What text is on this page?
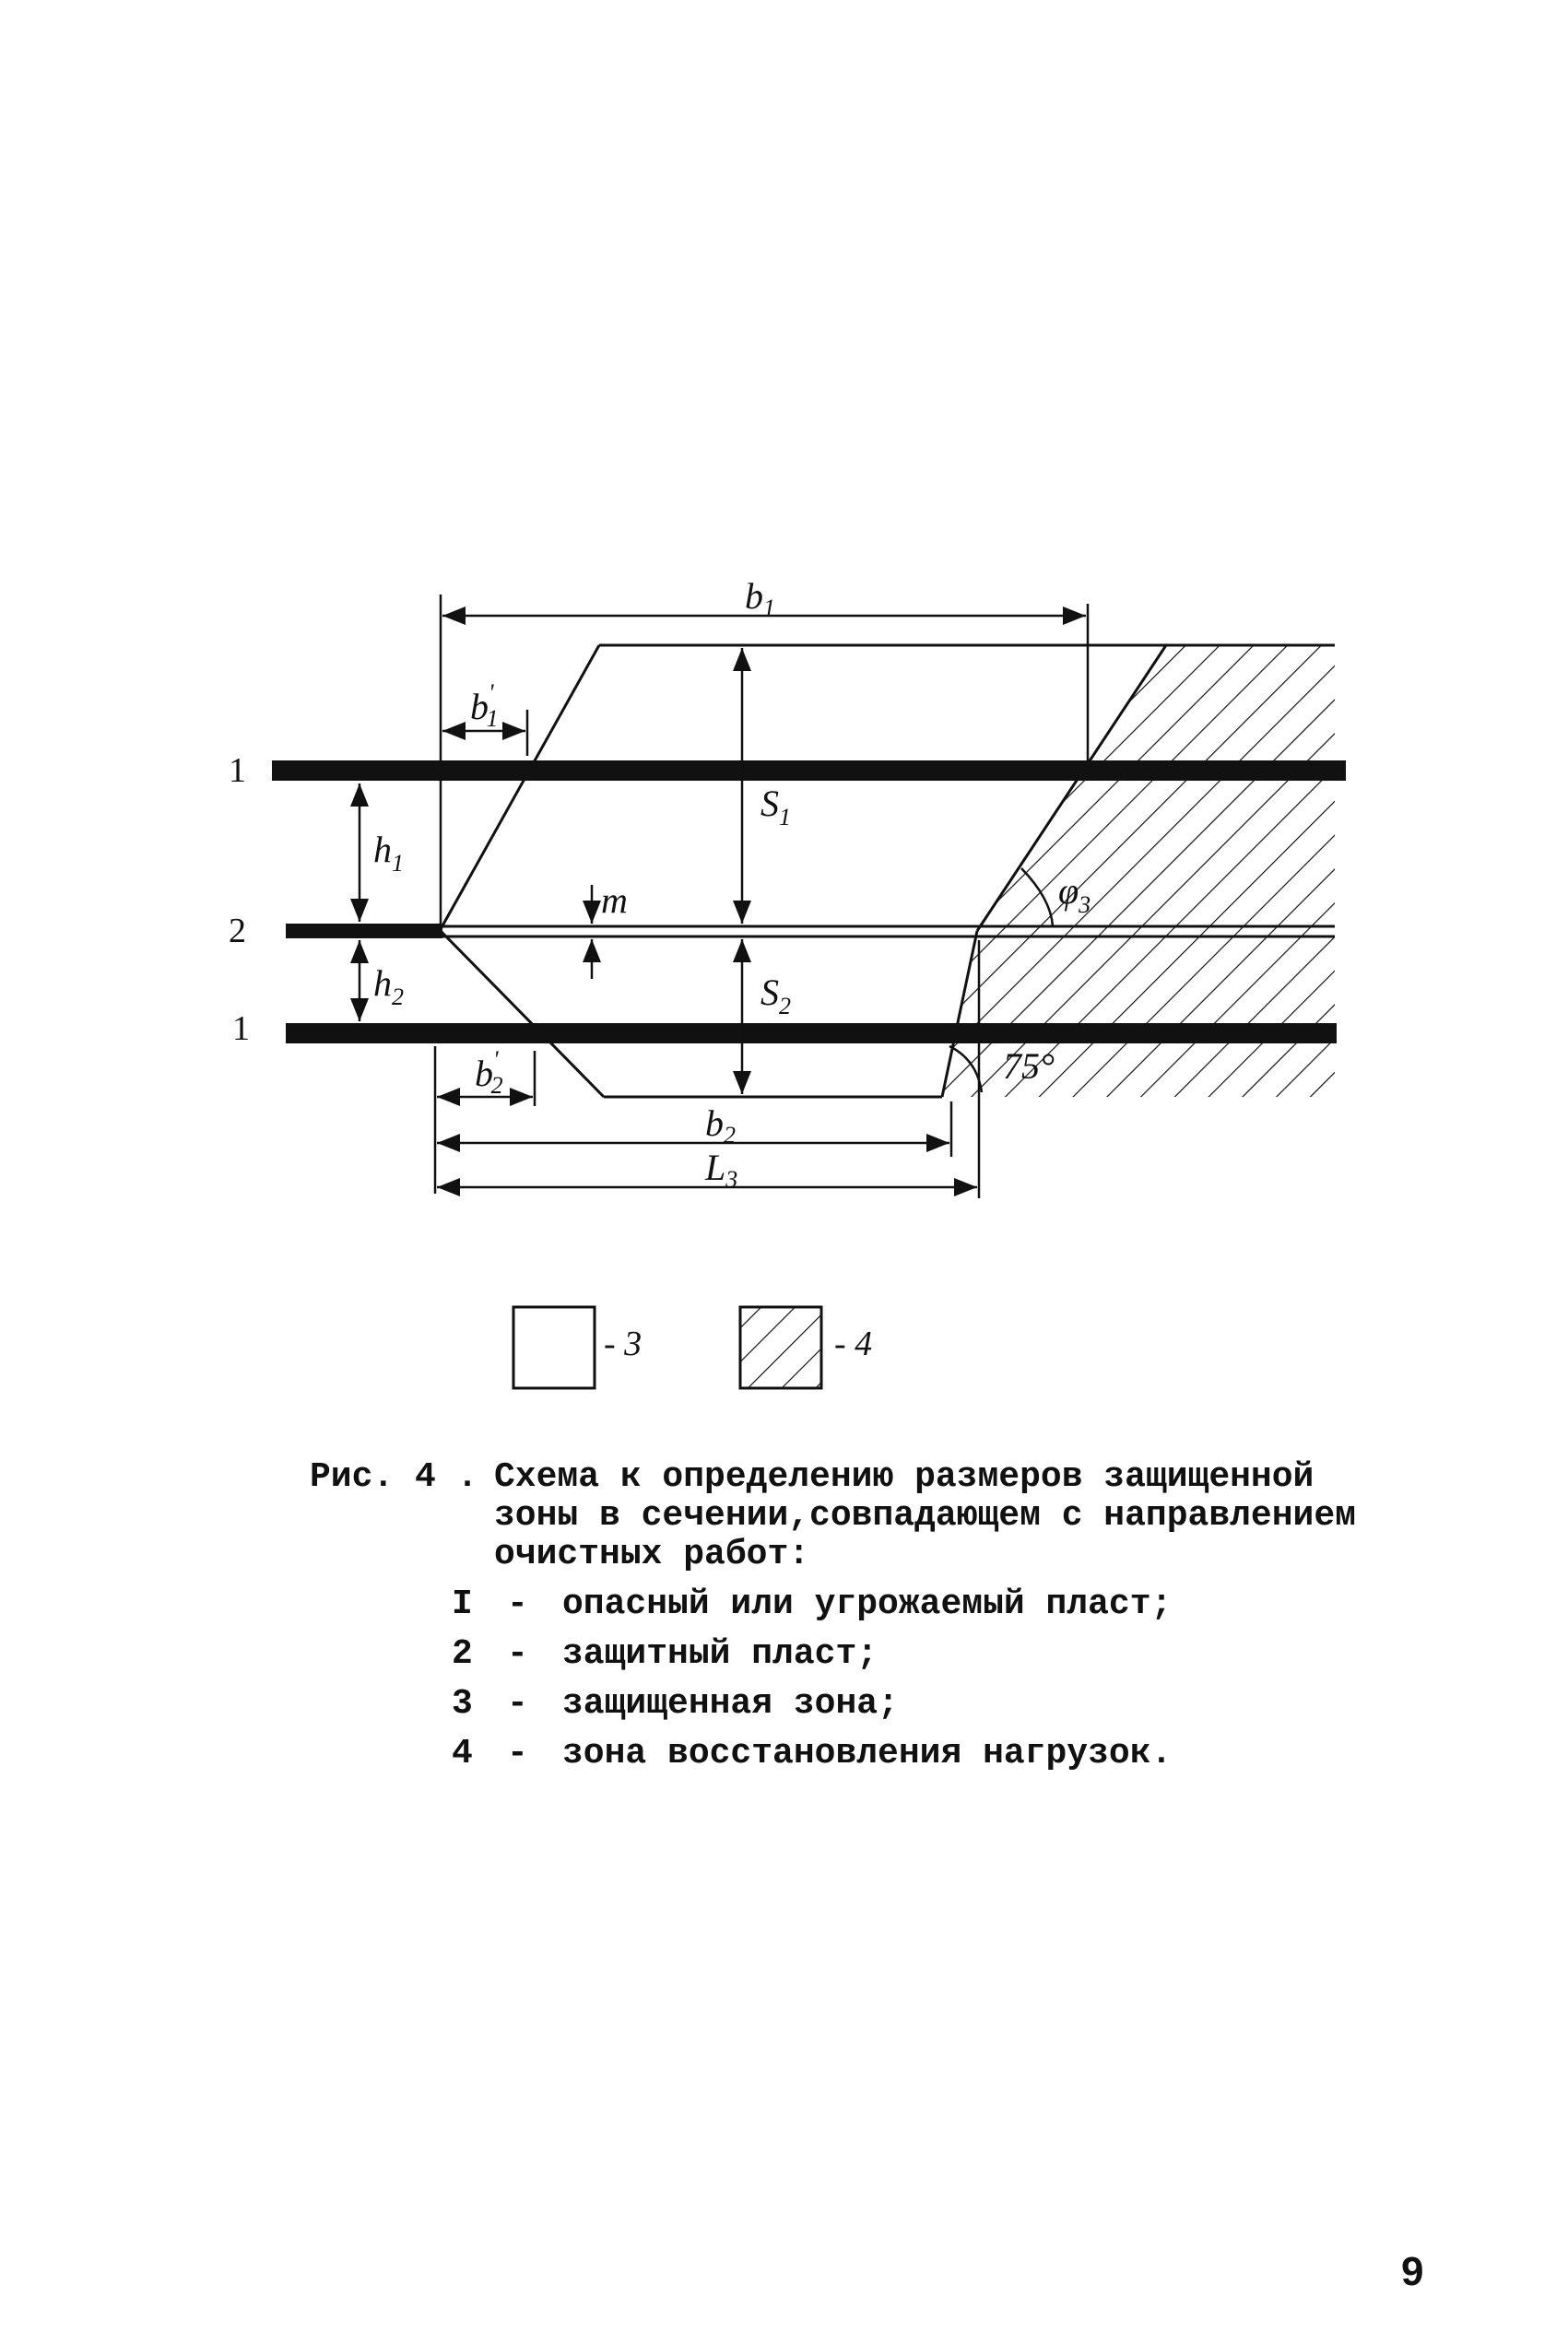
1
2
1
$b_1$
b' 1
$h_1$
$h_2$
$S_1$
$S_2$
m	$\varphi_3$
75°
b' 2
$b_2$
$L_3$
- 3	- 4
Рис. 4 . Схема к определению размеров защищенной зоны в сечении,совпадающем с направлением очистных работ:
I - опасный или угрожаемый пласт;
2 - защитный пласт;
3 - защищенная зона;
4 - зона восстановления нагрузок.
9
